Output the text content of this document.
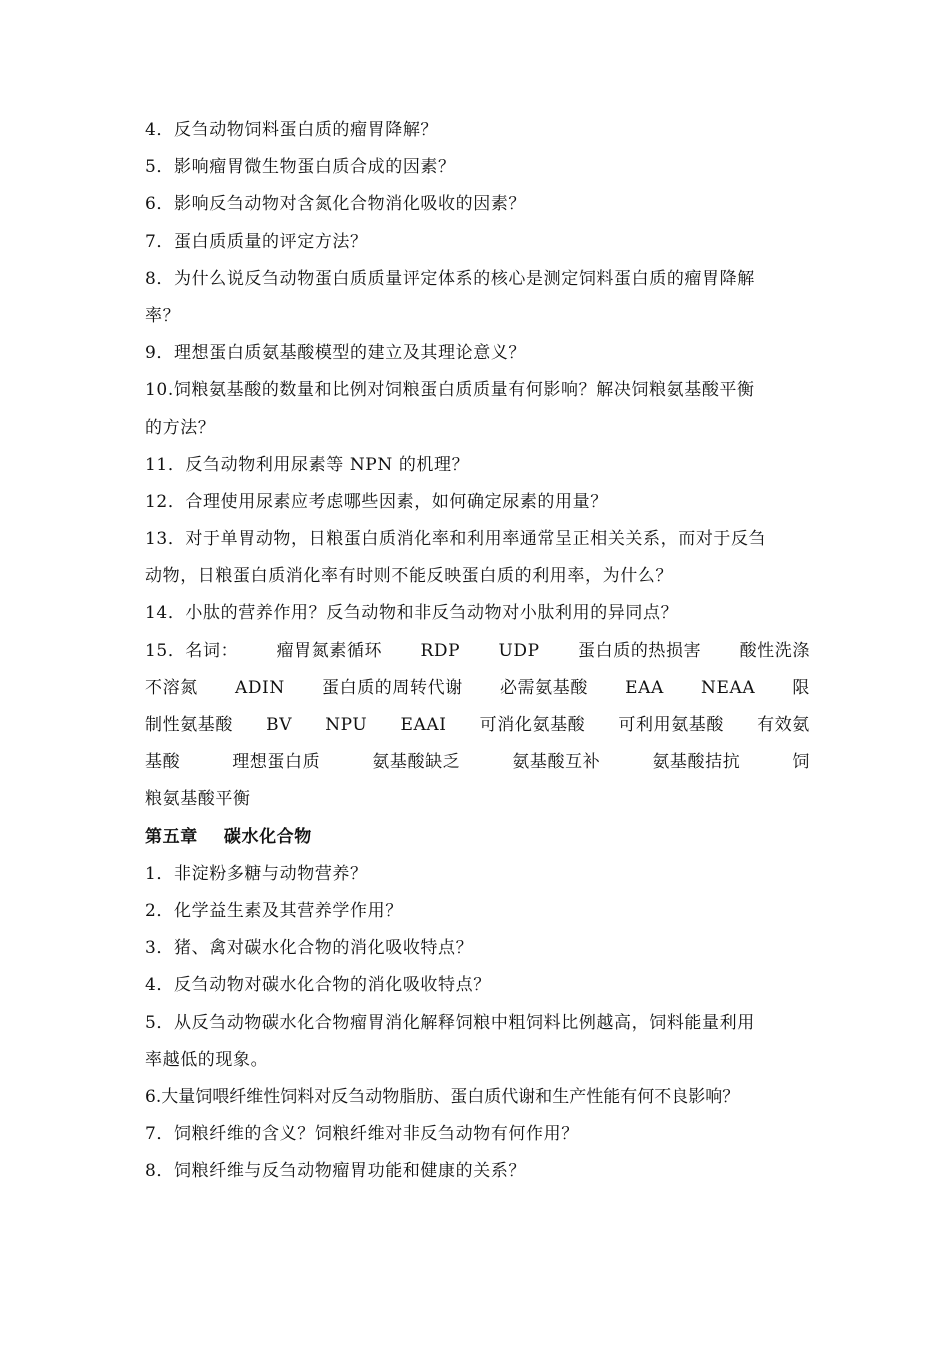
4．反刍动物饲料蛋白质的瘤胃降解？
5．影响瘤胃微生物蛋白质合成的因素？
6．影响反刍动物对含氮化合物消化吸收的因素？
7．蛋白质质量的评定方法？
8．为什么说反刍动物蛋白质质量评定体系的核心是测定饲料蛋白质的瘤胃降解
率？
9．理想蛋白质氨基酸模型的建立及其理论意义？
10.饲粮氨基酸的数量和比例对饲粮蛋白质质量有何影响？解决饲粮氨基酸平衡
的方法？
11．反刍动物利用尿素等 NPN 的机理？
12．合理使用尿素应考虑哪些因素，如何确定尿素的用量？
13．对于单胃动物，日粮蛋白质消化率和利用率通常呈正相关关系，而对于反刍
动物，日粮蛋白质消化率有时则不能反映蛋白质的利用率，为什么？
14．小肽的营养作用？反刍动物和非反刍动物对小肽利用的异同点？
15．名词： 瘤胃氮素循环 RDP UDP 蛋白质的热损害 酸性洗涤
不溶氮 ADIN 蛋白质的周转代谢 必需氨基酸 EAA NEAA 限
制性氨基酸 BV NPU EAAI 可消化氨基酸 可利用氨基酸 有效氨
基酸	理想蛋白质	氨基酸缺乏	氨基酸互补	氨基酸拮抗	饲
粮氨基酸平衡
第五章    碳水化合物
1．非淀粉多糖与动物营养？
2．化学益生素及其营养学作用？
3．猪、禽对碳水化合物的消化吸收特点？
4．反刍动物对碳水化合物的消化吸收特点？
5．从反刍动物碳水化合物瘤胃消化解释饲粮中粗饲料比例越高，饲料能量利用
率越低的现象。
6.大量饲喂纤维性饲料对反刍动物脂肪、蛋白质代谢和生产性能有何不良影响？
7．饲粮纤维的含义？饲粮纤维对非反刍动物有何作用？
8．饲粮纤维与反刍动物瘤胃功能和健康的关系？
